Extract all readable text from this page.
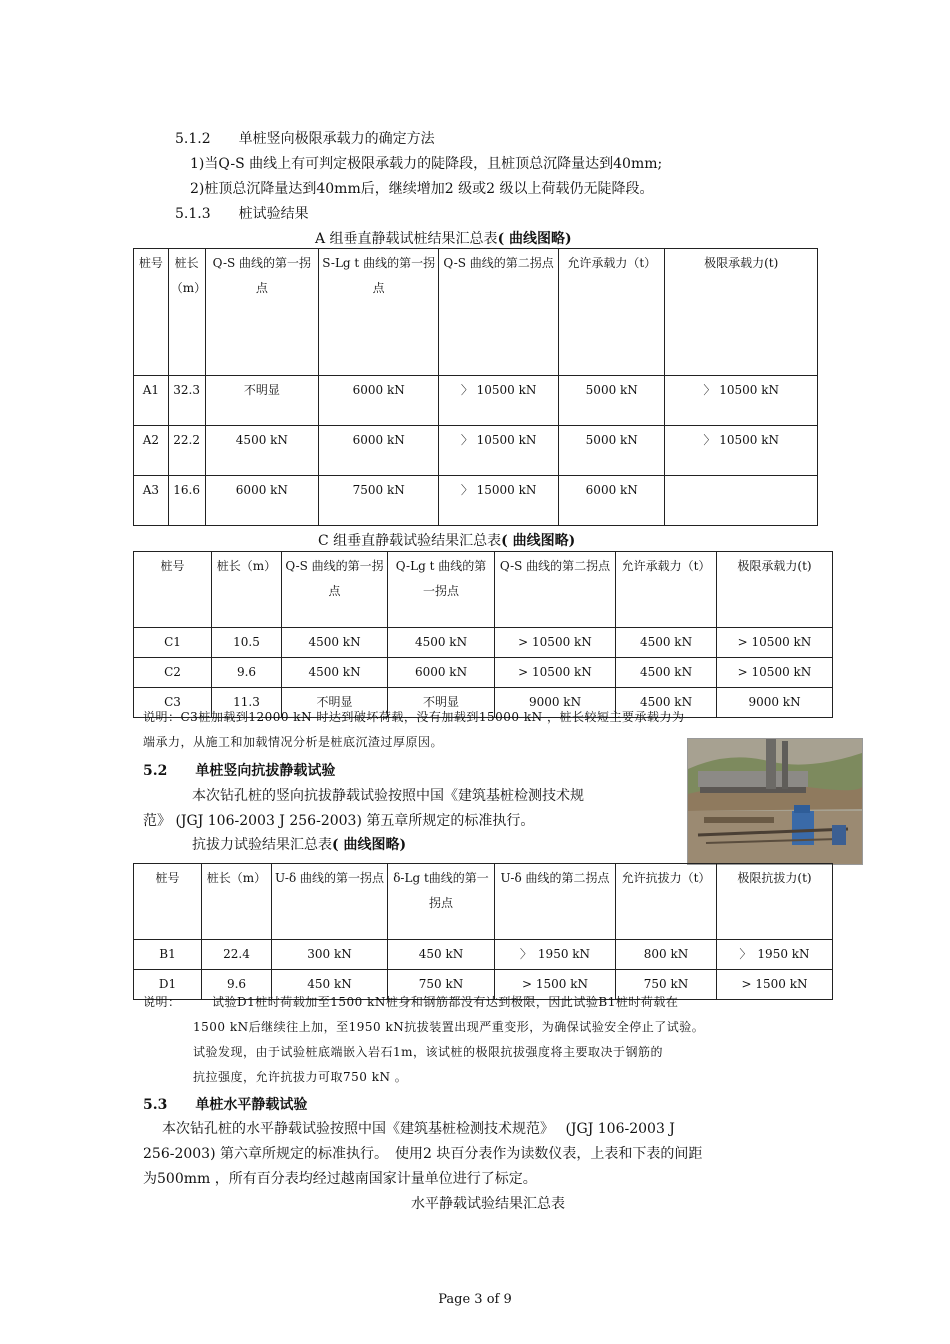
5.1.2　　单桩竖向极限承载力的确定方法
1)当Q-S 曲线上有可判定极限承载力的陡降段，且桩顶总沉降量达到40mm;
2)桩顶总沉降量达到40mm后，继续增加2 级或2 级以上荷载仍无陡降段。
5.1.3　　桩试验结果
A 组垂直静载试桩结果汇总表( 曲线图略)
桩号	桩长（m）	Q-S 曲线的第一拐点	S-Lg t 曲线的第一拐点	Q-S 曲线的第二拐点	允许承载力（t）	极限承载力(t)
A1	32.3	不明显	6000 kN	〉 10500 kN	5000 kN	〉 10500 kN
A2	22.2	4500 kN	6000 kN	〉 10500 kN	5000 kN	〉 10500 kN
A3	16.6	6000 kN	7500 kN	〉 15000 kN	6000 kN	
C 组垂直静载试验结果汇总表( 曲线图略)
桩号	桩长（m）	Q-S 曲线的第一拐点	Q-Lg t 曲线的第一拐点	Q-S 曲线的第二拐点	允许承载力（t）	极限承载力(t)
C1	10.5	4500 kN	4500 kN	> 10500 kN	4500 kN	> 10500 kN
C2	9.6	4500 kN	6000 kN	> 10500 kN	4500 kN	> 10500 kN
C3	11.3	不明显	不明显	9000 kN	4500 kN	9000 kN
说明：C3桩加载到12000 kN 时达到破坏荷载，没有加载到15000 kN ，桩长较短主要承载力为
端承力，从施工和加载情况分析是桩底沉渣过厚原因。
5.2　　单桩竖向抗拔静载试验
本次钻孔桩的竖向抗拔静载试验按照中国《建筑基桩检测技术规
范》 (JGJ 106-2003 J 256-2003) 第五章所规定的标准执行。
抗拔力试验结果汇总表( 曲线图略)
桩号	桩长（m）	U-δ 曲线的第一拐点	δ-Lg t曲线的第一拐点	U-δ 曲线的第二拐点	允许抗拔力（t）	极限抗拔力(t)
B1	22.4	300 kN	450 kN	〉　1950 kN	800 kN	〉　1950 kN
D1	9.6	450 kN	750 kN	> 1500 kN	750 kN	> 1500 kN
说明：	试验D1桩时荷载加至1500 kN桩身和钢筋都没有达到极限，因此试验B1桩时荷载在
1500 kN后继续往上加，至1950 kN抗拔装置出现严重变形，为确保试验安全停止了试验。
试验发现，由于试验桩底端嵌入岩石1m，该试桩的极限抗拔强度将主要取决于钢筋的
抗拉强度，允许抗拔力可取750 kN 。
5.3　　单桩水平静载试验
本次钻孔桩的水平静载试验按照中国《建筑基桩检测技术规范》　 (JGJ 106-2003 J
256-2003) 第六章所规定的标准执行。　使用2 块百分表作为读数仪表，上表和下表的间距
为500mm ，所有百分表均经过越南国家计量单位进行了标定。
水平静载试验结果汇总表
Page 3 of 9
